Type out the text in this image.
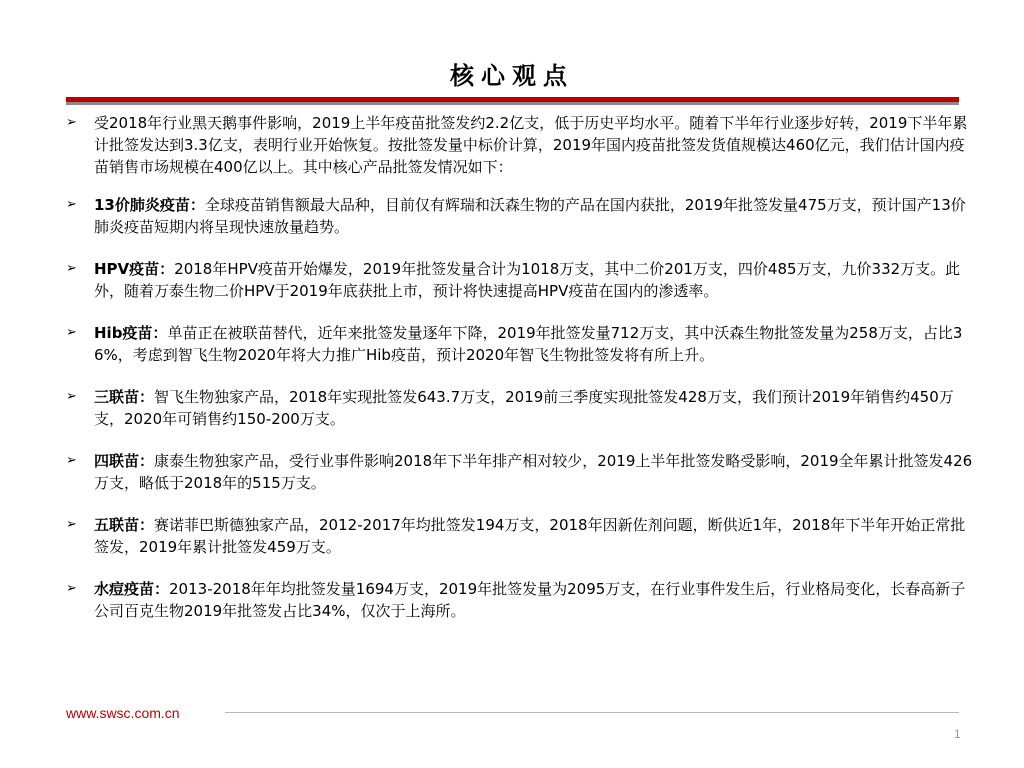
核心观点
➢ 受2018年行业黑天鹅事件影响，2019上半年疫苗批签发约2.2亿支，低于历史平均水平。随着下半年行业逐步好转，2019下半年累计批签发达到3.3亿支，表明行业开始恢复。按批签发量中标价计算，2019年国内疫苗批签发货值规模达460亿元，我们估计国内疫苗销售市场规模在400亿以上。其中核心产品批签发情况如下：
➢ 13价肺炎疫苗：全球疫苗销售额最大品种，目前仅有辉瑞和沃森生物的产品在国内获批，2019年批签发量475万支，预计国产13价肺炎疫苗短期内将呈现快速放量趋势。
➢ HPV疫苗：2018年HPV疫苗开始爆发，2019年批签发量合计为1018万支，其中二价201万支，四价485万支，九价332万支。此外，随着万泰生物二价HPV于2019年底获批上市，预计将快速提高HPV疫苗在国内的渗透率。
➢ Hib疫苗：单苗正在被联苗替代，近年来批签发量逐年下降，2019年批签发量712万支，其中沃森生物批签发量为258万支，占比36%，考虑到智飞生物2020年将大力推广Hib疫苗，预计2020年智飞生物批签发将有所上升。
➢ 三联苗：智飞生物独家产品，2018年实现批签发643.7万支，2019前三季度实现批签发428万支，我们预计2019年销售约450万支，2020年可销售约150-200万支。
➢ 四联苗：康泰生物独家产品，受行业事件影响2018年下半年排产相对较少，2019上半年批签发略受影响，2019全年累计批签发426万支，略低于2018年的515万支。
➢ 五联苗：赛诺菲巴斯德独家产品，2012-2017年均批签发194万支，2018年因新佐剂问题，断供近1年，2018年下半年开始正常批签发，2019年累计批签发459万支。
➢ 水痘疫苗：2013-2018年年均批签发量1694万支，2019年批签发量为2095万支，在行业事件发生后，行业格局变化，长春高新子公司百克生物2019年批签发占比34%，仅次于上海所。
www.swsc.com.cn
1
